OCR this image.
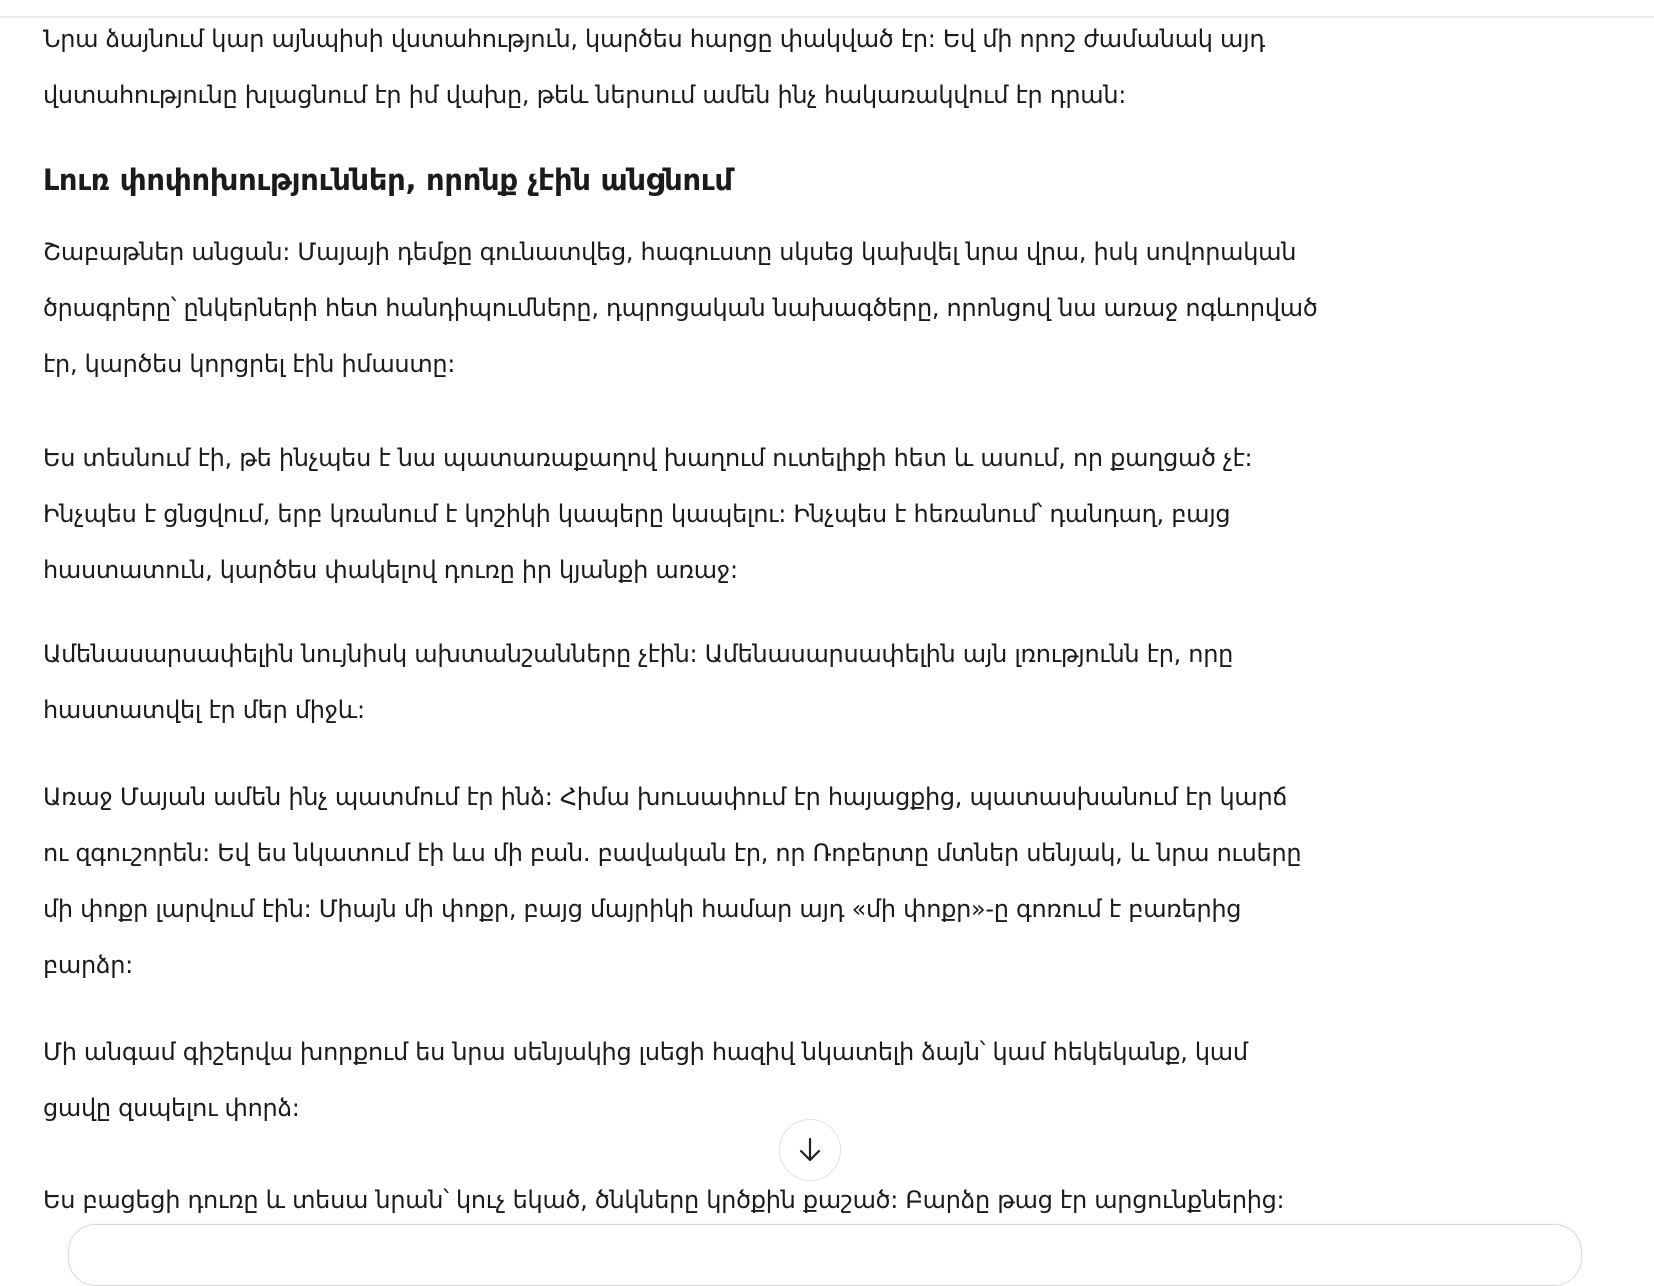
Նրա ձայնում կար այնպիսի վստահություն, կարծես հարցը փակված էր: Եվ մի որոշ ժամանակ այդ
վստահությունը խլացնում էր իմ վախը, թեև ներսում ամեն ինչ հակառակվում էր դրան:
Լուռ փոփոխություններ, որոնք չէին անցնում
Շաբաթներ անցան: Մայայի դեմքը գունատվեց, հագուստը սկսեց կախվել նրա վրա, իսկ սովորական
ծրագրերը՝ ընկերների հետ հանդիպումները, դպրոցական նախագծերը, որոնցով նա առաջ ոգևորված
էր, կարծես կորցրել էին իմաստը:
Ես տեսնում էի, թե ինչպես է նա պատառաքաղով խաղում ուտելիքի հետ և ասում, որ քաղցած չէ:
Ինչպես է ցնցվում, երբ կռանում է կոշիկի կապերը կապելու: Ինչպես է հեռանում՝ դանդաղ, բայց
հաստատուն, կարծես փակելով դուռը իր կյանքի առաջ:
Ամենասարսափելին նույնիսկ ախտանշանները չէին: Ամենասարսափելին այն լռությունն էր, որը
հաստատվել էր մեր միջև:
Առաջ Մայան ամեն ինչ պատմում էր ինձ: Հիմա խուսափում էր հայացքից, պատասխանում էր կարճ
ու զգուշորեն: Եվ ես նկատում էի ևս մի բան. բավական էր, որ Ռոբերտը մտներ սենյակ, և նրա ուսերը
մի փոքր լարվում էին: Միայն մի փոքր, բայց մայրիկի համար այդ «մի փոքր»-ը գոռում է բառերից
բարձր:
Մի անգամ գիշերվա խորքում ես նրա սենյակից լսեցի հազիվ նկատելի ձայն՝ կամ հեկեկանք, կամ
ցավը զսպելու փորձ:
Ես բացեցի դուռը և տեսա նրան՝ կուչ եկած, ծնկները կրծքին քաշած: Բարձը թաց էր արցունքներից:
